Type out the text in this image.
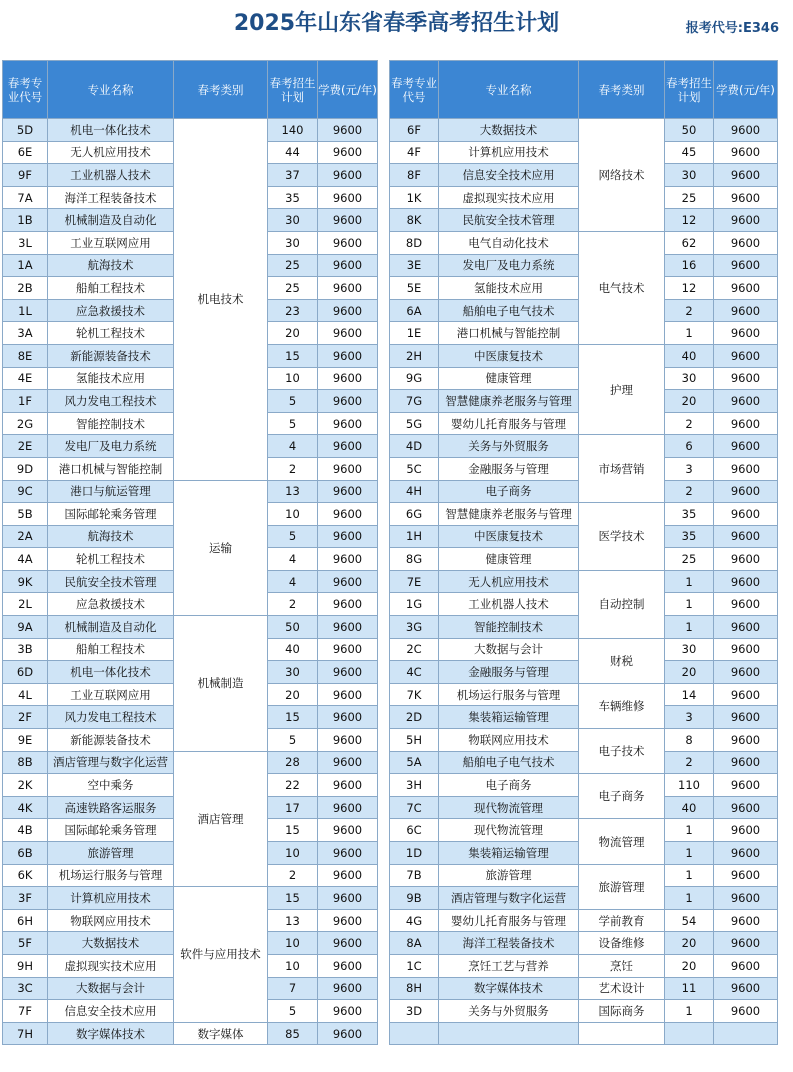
2025年山东省春季高考招生计划	报考代号:E346
春考专业代号	专业名称	春考类别	春考招生计划	学费(元/年)
5D	机电一体化技术	机电技术	140	9600
6E	无人机应用技术		44	9600
9F	工业机器人技术		37	9600
7A	海洋工程装备技术		35	9600
1B	机械制造及自动化		30	9600
3L	工业互联网应用		30	9600
1A	航海技术		25	9600
2B	船舶工程技术		25	9600
1L	应急救援技术		23	9600
3A	轮机工程技术		20	9600
8E	新能源装备技术		15	9600
4E	氢能技术应用		10	9600
1F	风力发电工程技术		5	9600
2G	智能控制技术		5	9600
2E	发电厂及电力系统		4	9600
9D	港口机械与智能控制		2	9600
9C	港口与航运管理	运输	13	9600
5B	国际邮轮乘务管理		10	9600
2A	航海技术		5	9600
4A	轮机工程技术		4	9600
9K	民航安全技术管理		4	9600
2L	应急救援技术		2	9600
9A	机械制造及自动化	机械制造	50	9600
3B	船舶工程技术		40	9600
6D	机电一体化技术		30	9600
4L	工业互联网应用		20	9600
2F	风力发电工程技术		15	9600
9E	新能源装备技术		5	9600
8B	酒店管理与数字化运营	酒店管理	28	9600
2K	空中乘务		22	9600
4K	高速铁路客运服务		17	9600
4B	国际邮轮乘务管理		15	9600
6B	旅游管理		10	9600
6K	机场运行服务与管理		2	9600
3F	计算机应用技术	软件与应用技术	15	9600
6H	物联网应用技术		13	9600
5F	大数据技术		10	9600
9H	虚拟现实技术应用		10	9600
3C	大数据与会计		7	9600
7F	信息安全技术应用		5	9600
7H	数字媒体技术	数字媒体	85	9600
春考专业代号	专业名称	春考类别	春考招生计划	学费(元/年)
6F	大数据技术	网络技术	50	9600
4F	计算机应用技术		45	9600
8F	信息安全技术应用		30	9600
1K	虚拟现实技术应用		25	9600
8K	民航安全技术管理		12	9600
8D	电气自动化技术	电气技术	62	9600
3E	发电厂及电力系统		16	9600
5E	氢能技术应用		12	9600
6A	船舶电子电气技术		2	9600
1E	港口机械与智能控制		1	9600
2H	中医康复技术	护理	40	9600
9G	健康管理		30	9600
7G	智慧健康养老服务与管理		20	9600
5G	婴幼儿托育服务与管理		2	9600
4D	关务与外贸服务	市场营销	6	9600
5C	金融服务与管理		3	9600
4H	电子商务		2	9600
6G	智慧健康养老服务与管理	医学技术	35	9600
1H	中医康复技术		35	9600
8G	健康管理		25	9600
7E	无人机应用技术	自动控制	1	9600
1G	工业机器人技术		1	9600
3G	智能控制技术		1	9600
2C	大数据与会计	财税	30	9600
4C	金融服务与管理		20	9600
7K	机场运行服务与管理	车辆维修	14	9600
2D	集装箱运输管理		3	9600
5H	物联网应用技术	电子技术	8	9600
5A	船舶电子电气技术		2	9600
3H	电子商务	电子商务	110	9600
7C	现代物流管理		40	9600
6C	现代物流管理	物流管理	1	9600
1D	集装箱运输管理		1	9600
7B	旅游管理	旅游管理	1	9600
9B	酒店管理与数字化运营		1	9600
4G	婴幼儿托育服务与管理	学前教育	54	9600
8A	海洋工程装备技术	设备维修	20	9600
1C	烹饪工艺与营养	烹饪	20	9600
8H	数字媒体技术	艺术设计	11	9600
3D	关务与外贸服务	国际商务	1	9600
